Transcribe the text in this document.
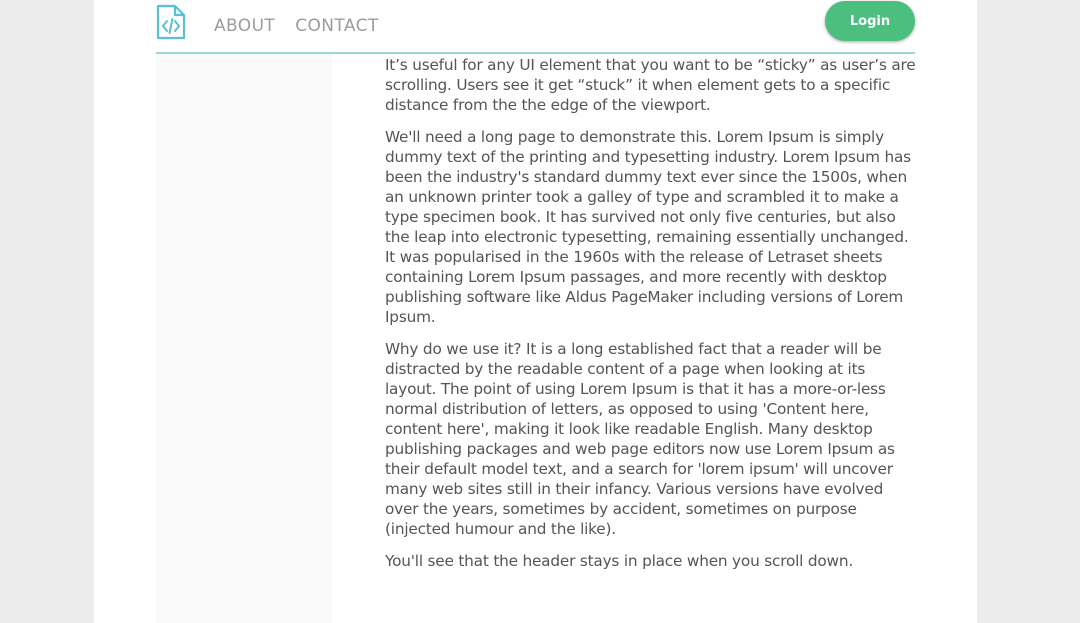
ABOUT CONTACT	Login

It’s useful for any UI element that you want to be “sticky” as user’s are scrolling. Users see it get “stuck” it when element gets to a specific distance from the the edge of the viewport.

We'll need a long page to demonstrate this. Lorem Ipsum is simply dummy text of the printing and typesetting industry. Lorem Ipsum has been the industry's standard dummy text ever since the 1500s, when an unknown printer took a galley of type and scrambled it to make a type specimen book. It has survived not only five centuries, but also the leap into electronic typesetting, remaining essentially unchanged. It was popularised in the 1960s with the release of Letraset sheets containing Lorem Ipsum passages, and more recently with desktop publishing software like Aldus PageMaker including versions of Lorem Ipsum.

Why do we use it? It is a long established fact that a reader will be distracted by the readable content of a page when looking at its layout. The point of using Lorem Ipsum is that it has a more-or-less normal distribution of letters, as opposed to using 'Content here, content here', making it look like readable English. Many desktop publishing packages and web page editors now use Lorem Ipsum as their default model text, and a search for 'lorem ipsum' will uncover many web sites still in their infancy. Various versions have evolved over the years, sometimes by accident, sometimes on purpose (injected humour and the like).

You'll see that the header stays in place when you scroll down.
